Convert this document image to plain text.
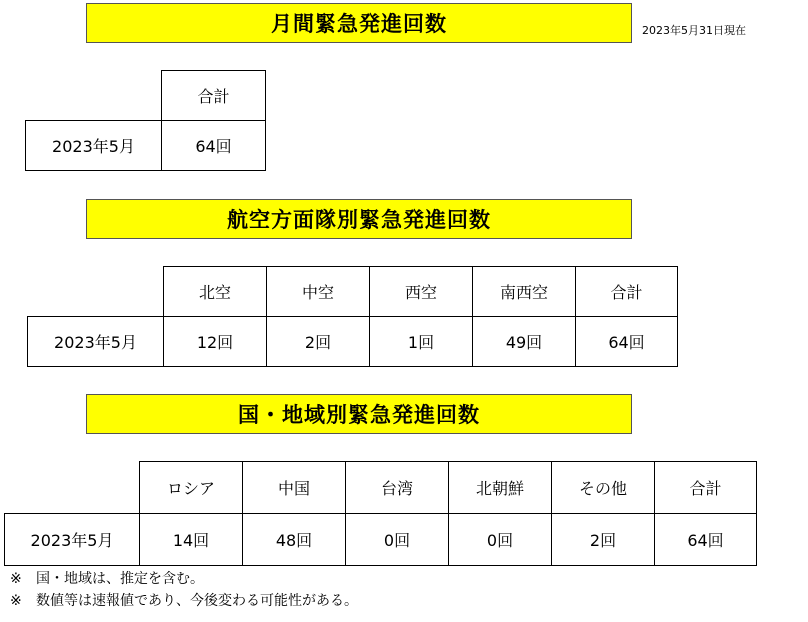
月間緊急発進回数	2023年5月31日現在
	合計
2023年5月	64回
航空方面隊別緊急発進回数
	北空	中空	西空	南西空	合計
2023年5月	12回	2回	1回	49回	64回
国・地域別緊急発進回数
	ロシア	中国	台湾	北朝鮮	その他	合計
2023年5月	14回	48回	0回	0回	2回	64回
※ 国・地域は、推定を含む。
※ 数値等は速報値であり、今後変わる可能性がある。
